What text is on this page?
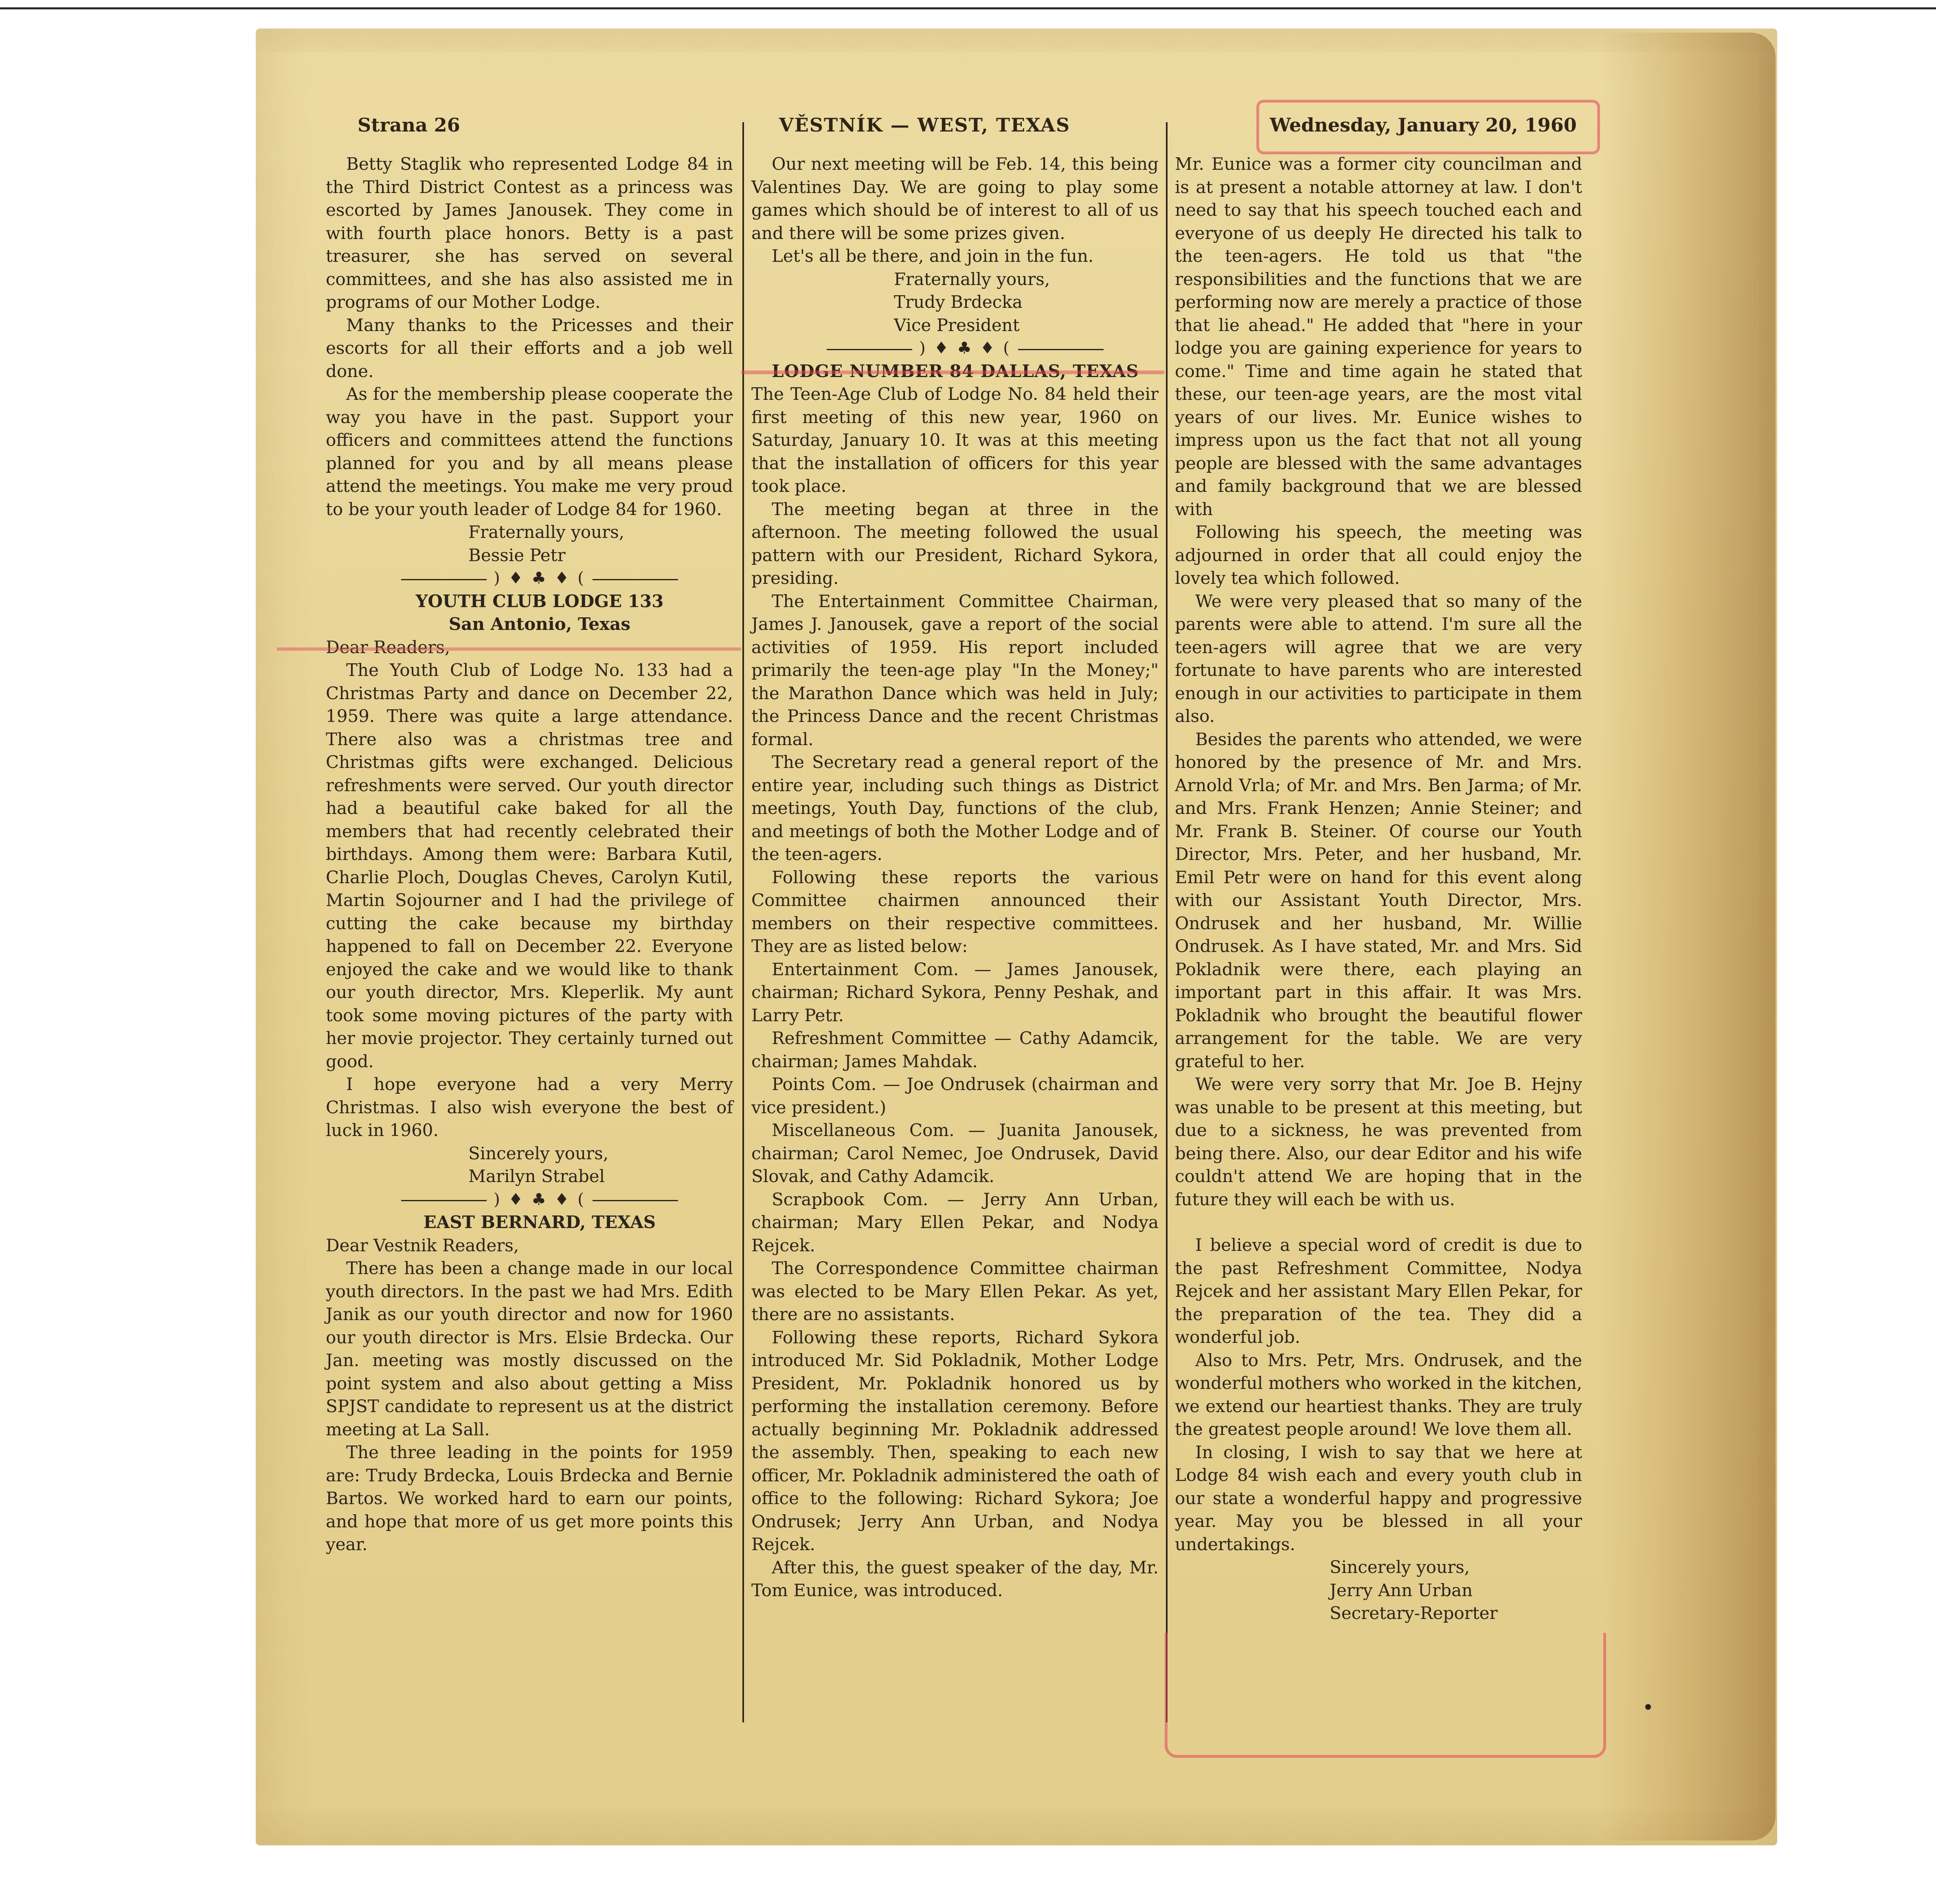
Strana 26	VĚSTNÍK — WEST, TEXAS	Wednesday, January 20, 1960

Betty Staglik who represented Lodge 84 in the Third District Contest as a princess was escorted by James Janousek. They come in with fourth place honors. Betty is a past treasurer, she has served on several committees, and she has also assisted me in programs of our Mother Lodge.

Many thanks to the Pricesses and their escorts for all their efforts and a job well done.

As for the membership please cooperate the way you have in the past. Support your officers and committees attend the functions planned for you and by all means please attend the meetings. You make me very proud to be your youth leader of Lodge 84 for 1960.

Fraternally yours,

Bessie Petr

) ♦ ♣ ♦ (

YOUTH CLUB LODGE 133

San Antonio, Texas

Dear Readers,

The Youth Club of Lodge No. 133 had a Christmas Party and dance on December 22, 1959. There was quite a large attendance. There also was a christmas tree and Christmas gifts were exchanged. Delicious refreshments were served. Our youth director had a beautiful cake baked for all the members that had recently celebrated their birthdays. Among them were: Barbara Kutil, Charlie Ploch, Douglas Cheves, Carolyn Kutil, Martin Sojourner and I had the privilege of cutting the cake because my birthday happened to fall on December 22. Everyone enjoyed the cake and we would like to thank our youth director, Mrs. Kleperlik. My aunt took some moving pictures of the party with her movie projector. They certainly turned out good.

I hope everyone had a very Merry Christmas. I also wish everyone the best of luck in 1960.

Sincerely yours,

Marilyn Strabel

) ♦ ♣ ♦ (

EAST BERNARD, TEXAS

Dear Vestnik Readers,

There has been a change made in our local youth directors. In the past we had Mrs. Edith Janik as our youth director and now for 1960 our youth director is Mrs. Elsie Brdecka. Our Jan. meeting was mostly discussed on the point system and also about getting a Miss SPJST candidate to represent us at the district meeting at La Sall.

The three leading in the points for 1959 are: Trudy Brdecka, Louis Brdecka and Bernie Bartos. We worked hard to earn our points, and hope that more of us get more points this year.

Our next meeting will be Feb. 14, this being Valentines Day. We are going to play some games which should be of interest to all of us and there will be some prizes given.

Let's all be there, and join in the fun.

Fraternally yours,

Trudy Brdecka

Vice President

) ♦ ♣ ♦ (

LODGE NUMBER 84 DALLAS, TEXAS

The Teen-Age Club of Lodge No. 84 held their first meeting of this new year, 1960 on Saturday, January 10. It was at this meeting that the installation of officers for this year took place.

The meeting began at three in the afternoon. The meeting followed the usual pattern with our President, Richard Sykora, presiding.

The Entertainment Committee Chairman, James J. Janousek, gave a report of the social activities of 1959. His report included primarily the teen-age play "In the Money;" the Marathon Dance which was held in July; the Princess Dance and the recent Christmas formal.

The Secretary read a general report of the entire year, including such things as District meetings, Youth Day, functions of the club, and meetings of both the Mother Lodge and of the teen-agers.

Following these reports the various Committee chairmen announced their members on their respective committees. They are as listed below:

Entertainment Com. — James Janousek, chairman; Richard Sykora, Penny Peshak, and Larry Petr.

Refreshment Committee — Cathy Adamcik, chairman; James Mahdak.

Points Com. — Joe Ondrusek (chairman and vice president.)

Miscellaneous Com. — Juanita Janousek, chairman; Carol Nemec, Joe Ondrusek, David Slovak, and Cathy Adamcik.

Scrapbook Com. — Jerry Ann Urban, chairman; Mary Ellen Pekar, and Nodya Rejcek.

The Correspondence Committee chairman was elected to be Mary Ellen Pekar. As yet, there are no assistants.

Following these reports, Richard Sykora introduced Mr. Sid Pokladnik, Mother Lodge President, Mr. Pokladnik honored us by performing the installation ceremony. Before actually beginning Mr. Pokladnik addressed the assembly. Then, speaking to each new officer, Mr. Pokladnik administered the oath of office to the following: Richard Sykora; Joe Ondrusek; Jerry Ann Urban, and Nodya Rejcek.

After this, the guest speaker of the day, Mr. Tom Eunice, was introduced.

Mr. Eunice was a former city councilman and is at present a notable attorney at law. I don't need to say that his speech touched each and everyone of us deeply He directed his talk to the teen-agers. He told us that "the responsibilities and the functions that we are performing now are merely a practice of those that lie ahead." He added that "here in your lodge you are gaining experience for years to come." Time and time again he stated that these, our teen-age years, are the most vital years of our lives. Mr. Eunice wishes to impress upon us the fact that not all young people are blessed with the same advantages and family background that we are blessed with

Following his speech, the meeting was adjourned in order that all could enjoy the lovely tea which followed.

We were very pleased that so many of the parents were able to attend. I'm sure all the teen-agers will agree that we are very fortunate to have parents who are interested enough in our activities to participate in them also.

Besides the parents who attended, we were honored by the presence of Mr. and Mrs. Arnold Vrla; of Mr. and Mrs. Ben Jarma; of Mr. and Mrs. Frank Henzen; Annie Steiner; and Mr. Frank B. Steiner. Of course our Youth Director, Mrs. Peter, and her husband, Mr. Emil Petr were on hand for this event along with our Assistant Youth Director, Mrs. Ondrusek and her husband, Mr. Willie Ondrusek. As I have stated, Mr. and Mrs. Sid Pokladnik were there, each playing an important part in this affair. It was Mrs. Pokladnik who brought the beautiful flower arrangement for the table. We are very grateful to her.

We were very sorry that Mr. Joe B. Hejny was unable to be present at this meeting, but due to a sickness, he was prevented from being there. Also, our dear Editor and his wife couldn't attend We are hoping that in the future they will each be with us.

I believe a special word of credit is due to the past Refreshment Committee, Nodya Rejcek and her assistant Mary Ellen Pekar, for the preparation of the tea. They did a wonderful job.

Also to Mrs. Petr, Mrs. Ondrusek, and the wonderful mothers who worked in the kitchen, we extend our heartiest thanks. They are truly the greatest people around! We love them all.

In closing, I wish to say that we here at Lodge 84 wish each and every youth club in our state a wonderful happy and progressive year. May you be blessed in all your undertakings.

Sincerely yours,

Jerry Ann Urban

Secretary-Reporter
